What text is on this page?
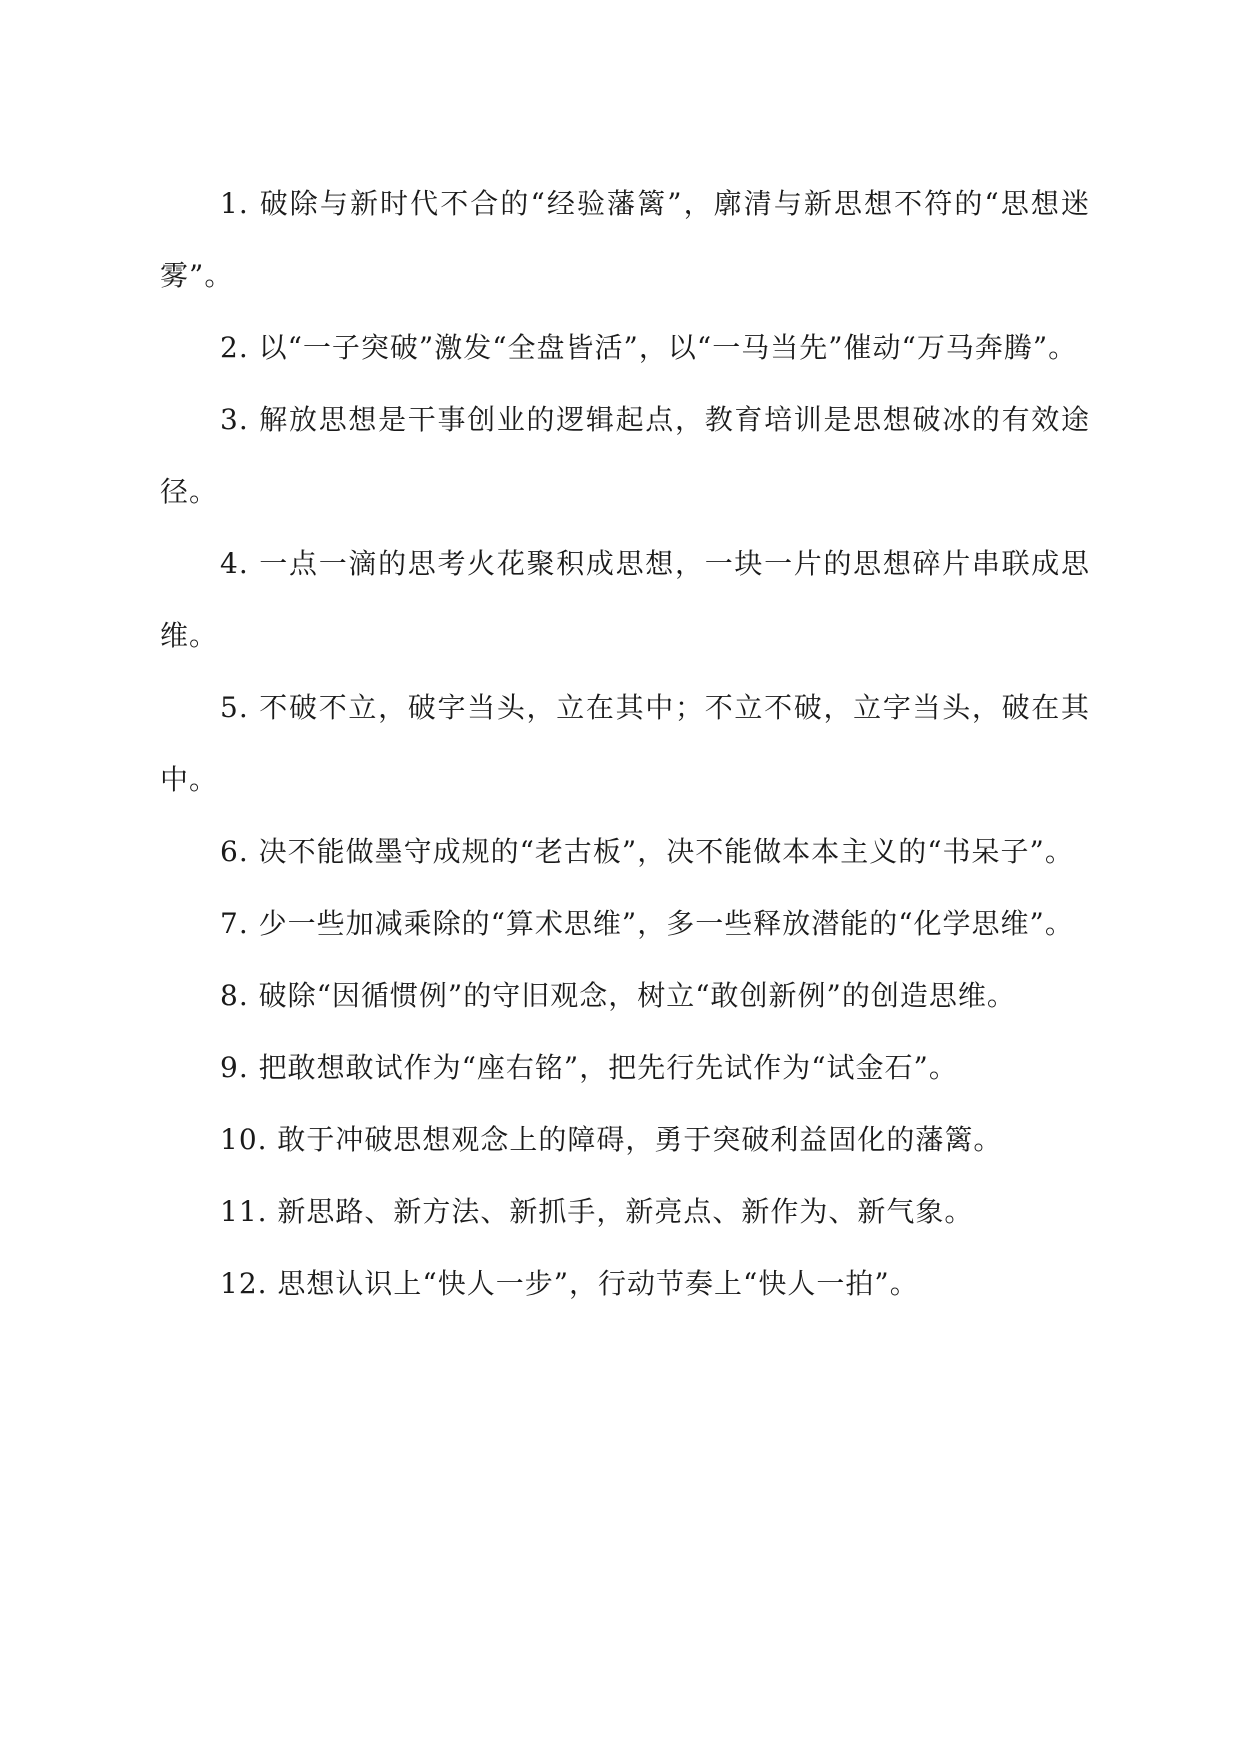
1. 破除与新时代不合的“经验藩篱”，廓清与新思想不符的“思想迷雾”。

2. 以“一子突破”激发“全盘皆活”，以“一马当先”催动“万马奔腾”。

3. 解放思想是干事创业的逻辑起点，教育培训是思想破冰的有效途径。

4. 一点一滴的思考火花聚积成思想，一块一片的思想碎片串联成思维。

5. 不破不立，破字当头，立在其中；不立不破，立字当头，破在其中。

6. 决不能做墨守成规的“老古板”，决不能做本本主义的“书呆子”。

7. 少一些加减乘除的“算术思维”，多一些释放潜能的“化学思维”。

8. 破除“因循惯例”的守旧观念，树立“敢创新例”的创造思维。

9. 把敢想敢试作为“座右铭”，把先行先试作为“试金石”。

10. 敢于冲破思想观念上的障碍，勇于突破利益固化的藩篱。

11. 新思路、新方法、新抓手，新亮点、新作为、新气象。

12. 思想认识上“快人一步”，行动节奏上“快人一拍”。
